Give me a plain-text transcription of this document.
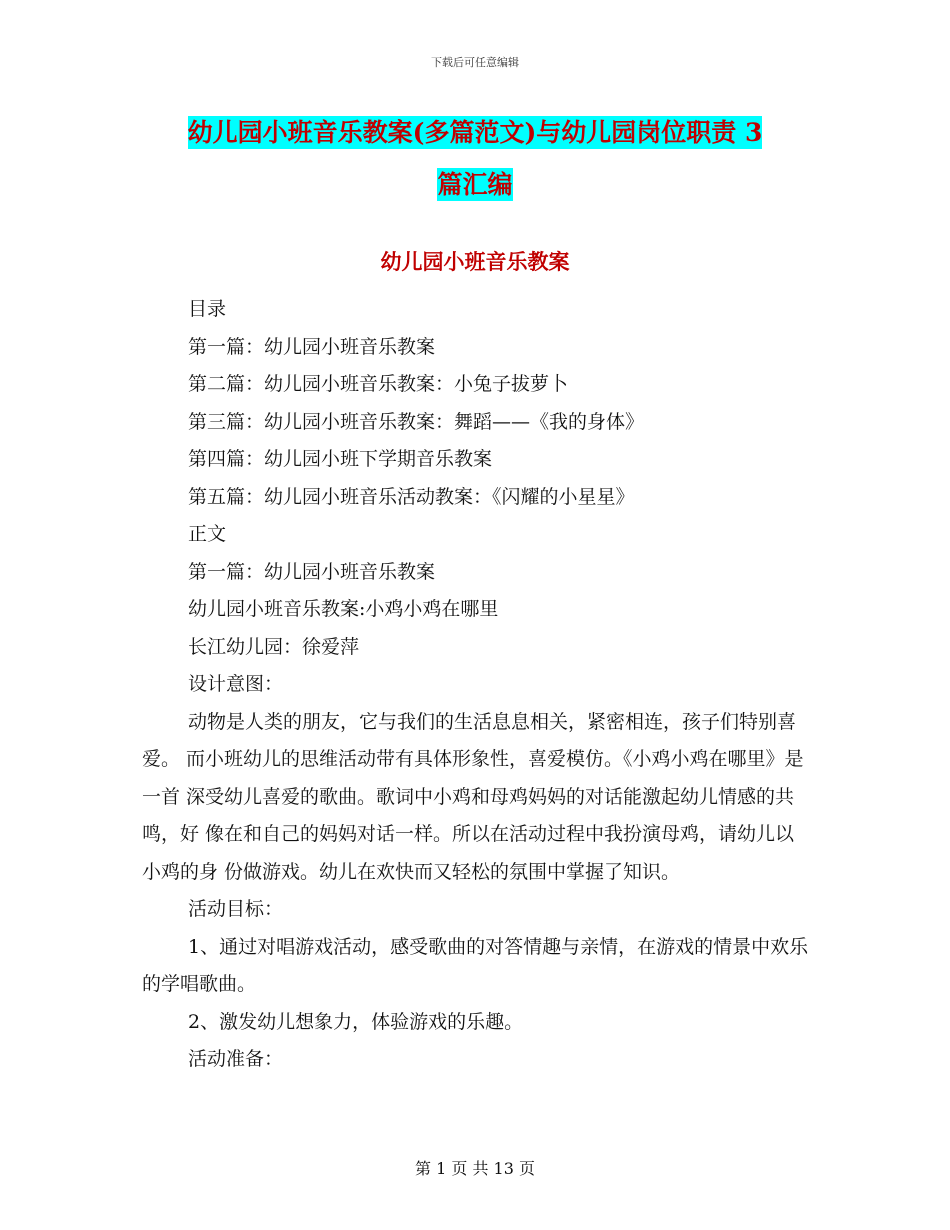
下载后可任意编辑
幼儿园小班音乐教案(多篇范文)与幼儿园岗位职责 3
篇汇编
幼儿园小班音乐教案

目录

第一篇：幼儿园小班音乐教案

第二篇：幼儿园小班音乐教案：小兔子拔萝卜

第三篇：幼儿园小班音乐教案：舞蹈——《我的身体》

第四篇：幼儿园小班下学期音乐教案

第五篇：幼儿园小班音乐活动教案：《闪耀的小星星》

正文

第一篇：幼儿园小班音乐教案

幼儿园小班音乐教案:小鸡小鸡在哪里

长江幼儿园：徐爱萍

设计意图：

动物是人类的朋友，它与我们的生活息息相关，紧密相连，孩子们特别喜爱。 而小班幼儿的思维活动带有具体形象性，喜爱模仿。《小鸡小鸡在哪里》是一首 深受幼儿喜爱的歌曲。歌词中小鸡和母鸡妈妈的对话能激起幼儿情感的共鸣，好 像在和自己的妈妈对话一样。所以在活动过程中我扮演母鸡，请幼儿以小鸡的身 份做游戏。幼儿在欢快而又轻松的氛围中掌握了知识。

活动目标：

1、通过对唱游戏活动，感受歌曲的对答情趣与亲情，在游戏的情景中欢乐的学唱歌曲。

2、激发幼儿想象力，体验游戏的乐趣。

活动准备：

第 1 页 共 13 页
